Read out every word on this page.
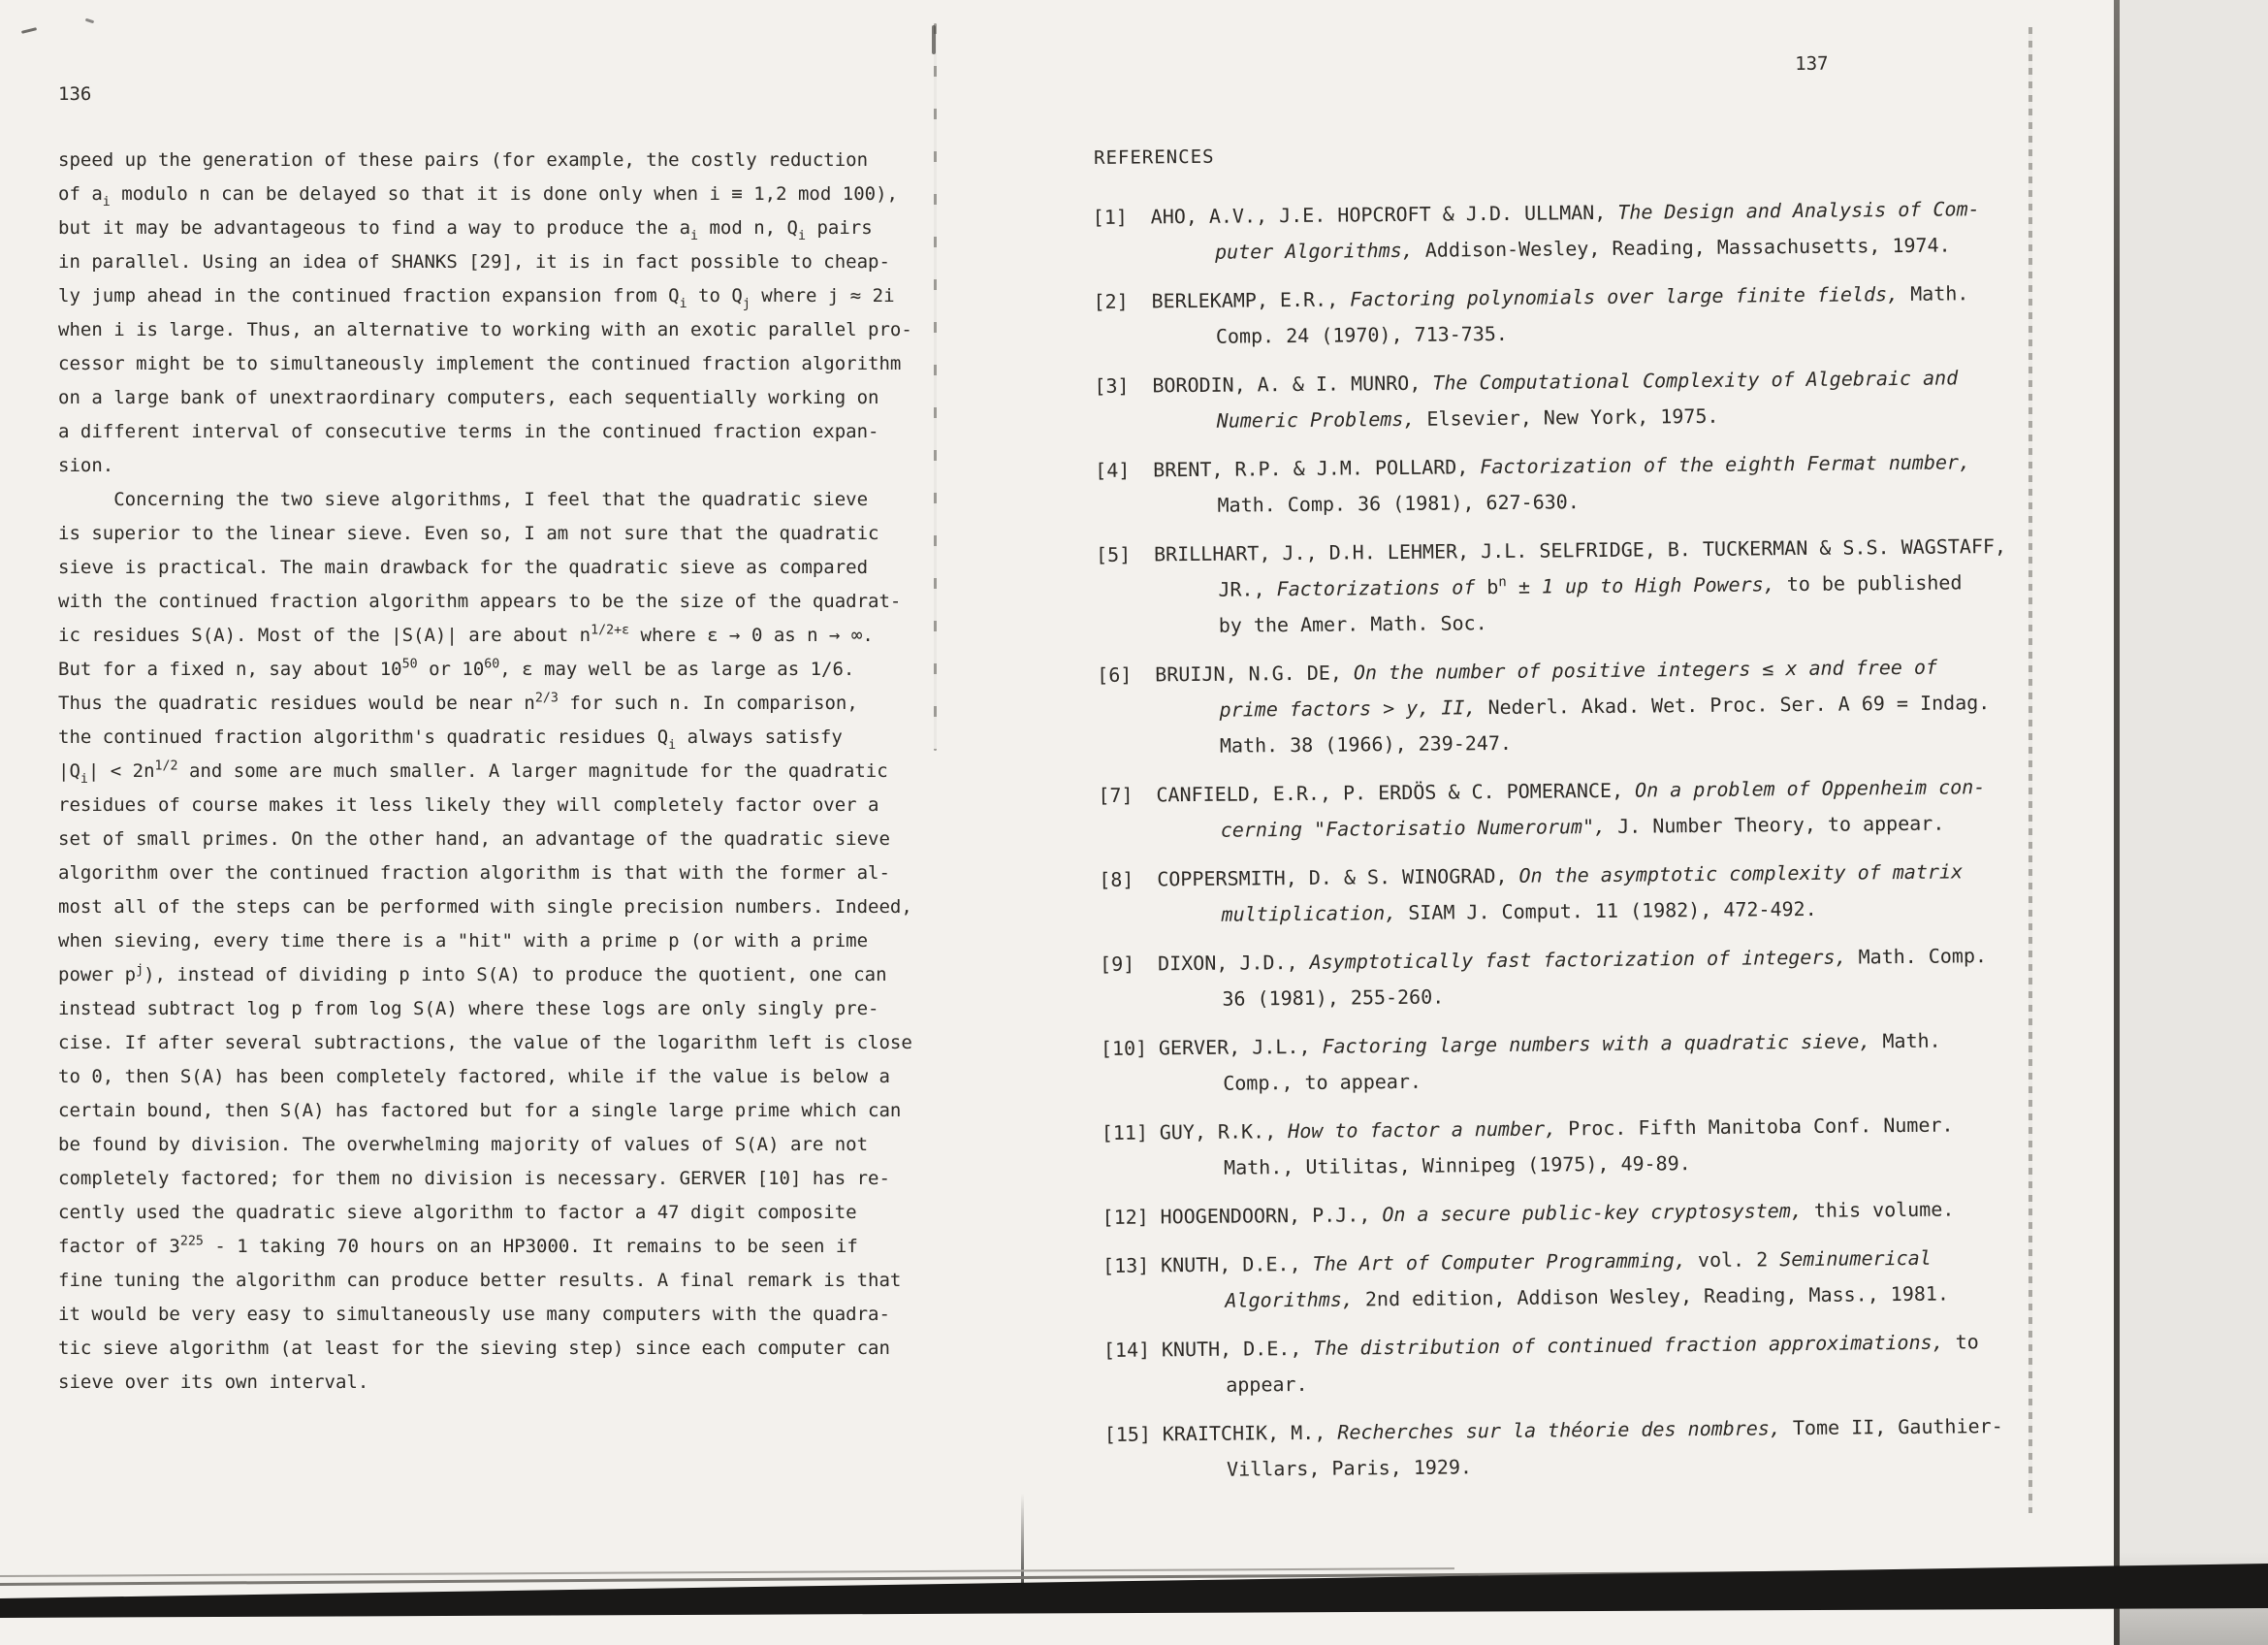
136
speed up the generation of these pairs (for example, the costly reduction
of $a_i$ modulo n can be delayed so that it is done only when i ≡ 1,2 mod 100),
but it may be advantageous to find a way to produce the $a_i$ mod n, $Q_i$ pairs
in parallel. Using an idea of SHANKS [29], it is in fact possible to cheap-
ly jump ahead in the continued fraction expansion from $Q_i$ to $Q_j$ where j ≈ 2i
when i is large. Thus, an alternative to working with an exotic parallel pro-
cessor might be to simultaneously implement the continued fraction algorithm
on a large bank of unextraordinary computers, each sequentially working on
a different interval of consecutive terms in the continued fraction expan-
sion.
Concerning the two sieve algorithms, I feel that the quadratic sieve
is superior to the linear sieve. Even so, I am not sure that the quadratic
sieve is practical. The main drawback for the quadratic sieve as compared
with the continued fraction algorithm appears to be the size of the quadrat-
ic residues S(A). Most of the |S(A)| are about $n^{1/2+\varepsilon}$ where ε → 0 as n → ∞.
But for a fixed n, say about $10^{50}$ or $10^{60}$, ε may well be as large as 1/6.
Thus the quadratic residues would be near $n^{2/3}$ for such n. In comparison,
the continued fraction algorithm's quadratic residues $Q_i$ always satisfy
$|Q_i| < 2n^{1/2}$ and some are much smaller. A larger magnitude for the quadratic
residues of course makes it less likely they will completely factor over a
set of small primes. On the other hand, an advantage of the quadratic sieve
algorithm over the continued fraction algorithm is that with the former al-
most all of the steps can be performed with single precision numbers. Indeed,
when sieving, every time there is a "hit" with a prime p (or with a prime
power $p^j$), instead of dividing p into S(A) to produce the quotient, one can
instead subtract log p from log S(A) where these logs are only singly pre-
cise. If after several subtractions, the value of the logarithm left is close
to 0, then S(A) has been completely factored, while if the value is below a
certain bound, then S(A) has factored but for a single large prime which can
be found by division. The overwhelming majority of values of S(A) are not
completely factored; for them no division is necessary. GERVER [10] has re-
cently used the quadratic sieve algorithm to factor a 47 digit composite
factor of $3^{225} - 1$ taking 70 hours on an HP3000. It remains to be seen if
fine tuning the algorithm can produce better results. A final remark is that
it would be very easy to simultaneously use many computers with the quadra-
tic sieve algorithm (at least for the sieving step) since each computer can
sieve over its own interval.
137
REFERENCES
[1] AHO, A.V., J.E. HOPCROFT & J.D. ULLMAN, The Design and Analysis of Com-
puter Algorithms, Addison-Wesley, Reading, Massachusetts, 1974.
[2] BERLEKAMP, E.R., Factoring polynomials over large finite fields, Math.
Comp. 24 (1970), 713-735.
[3] BORODIN, A. & I. MUNRO, The Computational Complexity of Algebraic and
Numeric Problems, Elsevier, New York, 1975.
[4] BRENT, R.P. & J.M. POLLARD, Factorization of the eighth Fermat number,
Math. Comp. 36 (1981), 627-630.
[5] BRILLHART, J., D.H. LEHMER, J.L. SELFRIDGE, B. TUCKERMAN & S.S. WAGSTAFF,
JR., Factorizations of $b^n \pm 1$ up to High Powers, to be published
by the Amer. Math. Soc.
[6] BRUIJN, N.G. DE, On the number of positive integers ≤ x and free of
prime factors > y, II, Nederl. Akad. Wet. Proc. Ser. A 69 = Indag.
Math. 38 (1966), 239-247.
[7] CANFIELD, E.R., P. ERDÖS & C. POMERANCE, On a problem of Oppenheim con-
cerning "Factorisatio Numerorum", J. Number Theory, to appear.
[8] COPPERSMITH, D. & S. WINOGRAD, On the asymptotic complexity of matrix
multiplication, SIAM J. Comput. 11 (1982), 472-492.
[9] DIXON, J.D., Asymptotically fast factorization of integers, Math. Comp.
36 (1981), 255-260.
[10] GERVER, J.L., Factoring large numbers with a quadratic sieve, Math.
Comp., to appear.
[11] GUY, R.K., How to factor a number, Proc. Fifth Manitoba Conf. Numer.
Math., Utilitas, Winnipeg (1975), 49-89.
[12] HOOGENDOORN, P.J., On a secure public-key cryptosystem, this volume.
[13] KNUTH, D.E., The Art of Computer Programming, vol. 2 Seminumerical
Algorithms, 2nd edition, Addison Wesley, Reading, Mass., 1981.
[14] KNUTH, D.E., The distribution of continued fraction approximations, to
appear.
[15] KRAITCHIK, M., Recherches sur la théorie des nombres, Tome II, Gauthier-
Villars, Paris, 1929.
